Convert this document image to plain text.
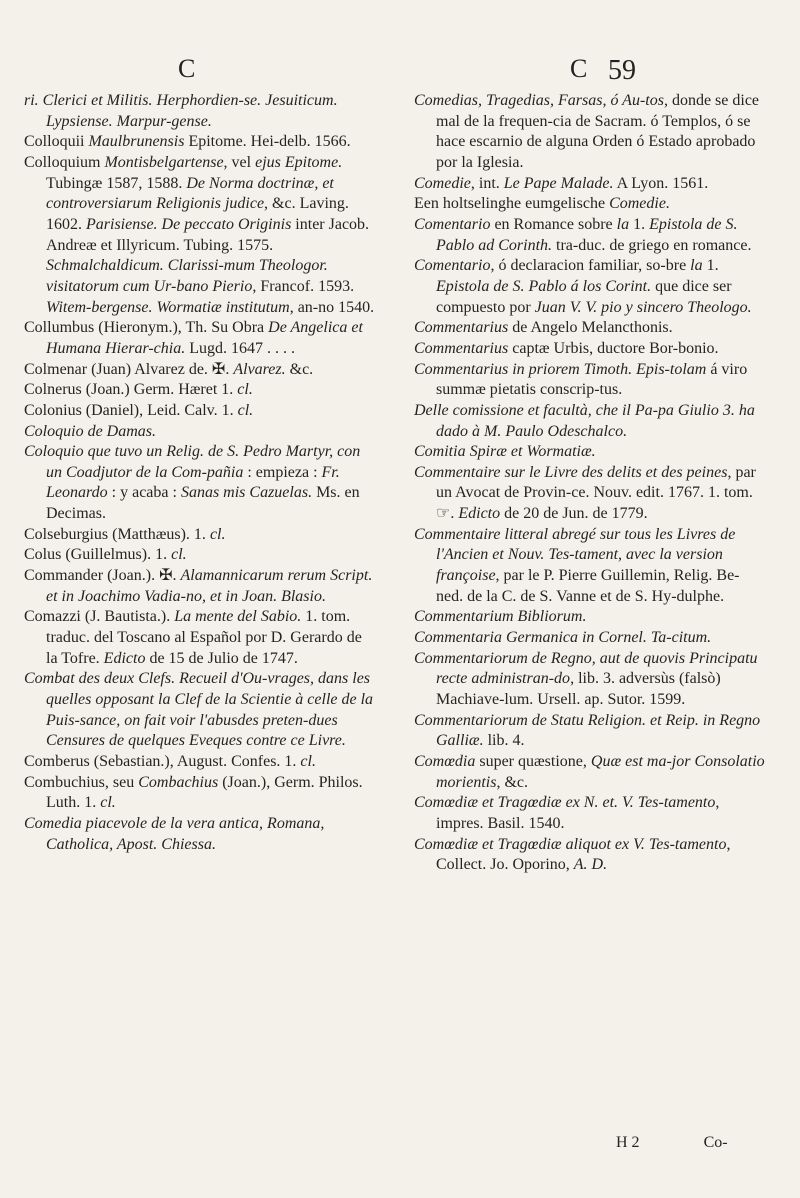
C	C 59

ri. Clerici et Militis. Herphordien-se. Jesuiticum. Lypsiense. Marpur-gense.

Colloquii Maulbrunensis Epitome. Hei-delb. 1566.

Colloquium Montisbelgartense, vel ejus Epitome. Tubingæ 1587, 1588. De Norma doctrinæ, et controversiarum Religionis judice, &c. Laving. 1602. Parisiense. De peccato Originis inter Jacob. Andreæ et Illyricum. Tubing. 1575. Schmalchaldicum. Clarissi-mum Theologor. visitatorum cum Ur-bano Pierio, Francof. 1593. Witem-bergense. Wormatiæ institutum, an-no 1540.

Collumbus (Hieronym.), Th. Su Obra De Angelica et Humana Hierar-chia. Lugd. 1647 . . . .

Colmenar (Juan) Alvarez de. ✠. Alvarez. &c.

Colnerus (Joan.) Germ. Hæret 1. cl.

Colonius (Daniel), Leid. Calv. 1. cl.

Coloquio de Damas.

Coloquio que tuvo un Relig. de S. Pedro Martyr, con un Coadjutor de la Com-pañia : empieza : Fr. Leonardo : y acaba : Sanas mis Cazuelas. Ms. en Decimas.

Colseburgius (Matthæus). 1. cl.

Colus (Guillelmus). 1. cl.

Commander (Joan.). ✠. Alamannicarum rerum Script. et in Joachimo Vadia-no, et in Joan. Blasio.

Comazzi (J. Bautista.). La mente del Sabio. 1. tom. traduc. del Toscano al Español por D. Gerardo de la Tofre. Edicto de 15 de Julio de 1747.

Combat des deux Clefs. Recueil d'Ou-vrages, dans les quelles opposant la Clef de la Scientie à celle de la Puis-sance, on fait voir l'abusdes preten-dues Censures de quelques Eveques contre ce Livre.

Comberus (Sebastian.), August. Confes. 1. cl.

Combuchius, seu Combachius (Joan.), Germ. Philos. Luth. 1. cl.

Comedia piacevole de la vera antica, Romana, Catholica, Apost. Chiessa.

Comedias, Tragedias, Farsas, ó Au-tos, donde se dice mal de la frequen-cia de Sacram. ó Templos, ó se hace escarnio de alguna Orden ó Estado aprobado por la Iglesia.

Comedie, int. Le Pape Malade. A Lyon. 1561.

Een holtselinghe eumgelische Comedie.

Comentario en Romance sobre la 1. Epistola de S. Pablo ad Corinth. tra-duc. de griego en romance.

Comentario, ó declaracion familiar, so-bre la 1. Epistola de S. Pablo á los Corint. que dice ser compuesto por Juan V. V. pio y sincero Theologo.

Commentarius de Angelo Melancthonis.

Commentarius captæ Urbis, ductore Bor-bonio.

Commentarius in priorem Timoth. Epis-tolam á viro summæ pietatis conscrip-tus.

Delle comissione et facultà, che il Pa-pa Giulio 3. ha dado à M. Paulo Odeschalco.

Comitia Spiræ et Wormatiæ.

Commentaire sur le Livre des delits et des peines, par un Avocat de Provin-ce. Nouv. edit. 1767. 1. tom. ☞. Edicto de 20 de Jun. de 1779.

Commentaire litteral abregé sur tous les Livres de l'Ancien et Nouv. Tes-tament, avec la version françoise, par le P. Pierre Guillemin, Relig. Be-ned. de la C. de S. Vanne et de S. Hy-dulphe.

Commentarium Bibliorum.

Commentaria Germanica in Cornel. Ta-citum.

Commentariorum de Regno, aut de quovis Principatu recte administran-do, lib. 3. adversùs (falsò) Machiave-lum. Ursell. ap. Sutor. 1599.

Commentariorum de Statu Religion. et Reip. in Regno Galliæ. lib. 4.

Comœdia super quæstione, Quæ est ma-jor Consolatio morientis, &c.

Comœdiæ et Tragœdiæ ex N. et. V. Tes-tamento, impres. Basil. 1540.

Comœdiæ et Tragœdiæ aliquot ex V. Tes-tamento, Collect. Jo. Oporino, A. D.

H 2	Co-
